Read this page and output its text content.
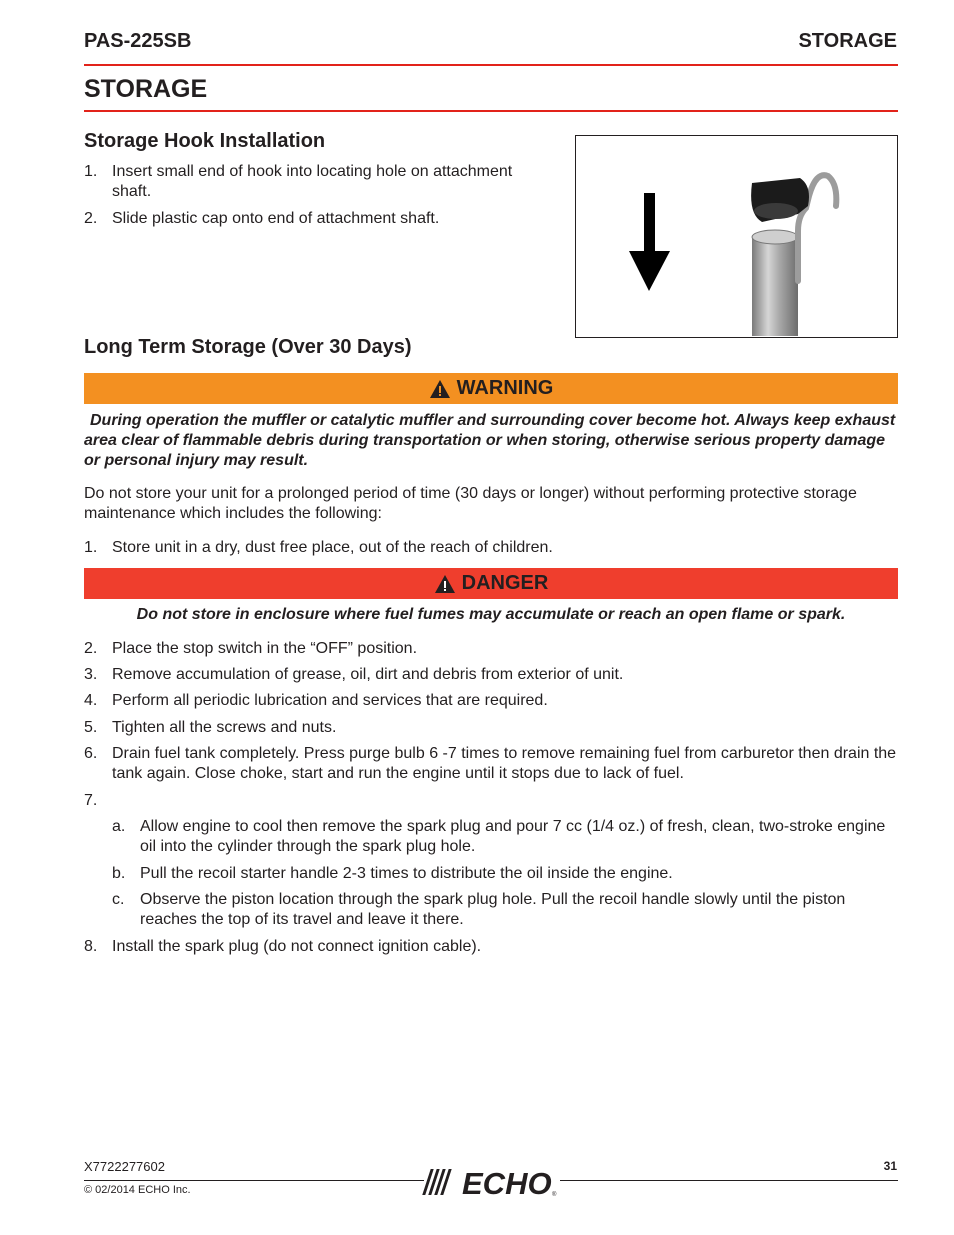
PAS-225SB	STORAGE
STORAGE
Storage Hook Installation
1. Insert small end of hook into locating hole on attachment shaft.
2. Slide plastic cap onto end of attachment shaft.
Long Term Storage (Over 30 Days)
WARNING
During operation the muffler or catalytic muffler and surrounding cover become hot. Always keep exhaust area clear of flammable debris during transportation or when storing, otherwise serious property damage or personal injury may result.
Do not store your unit for a prolonged period of time (30 days or longer) without performing protective storage maintenance which includes the following:
1. Store unit in a dry, dust free place, out of the reach of children.
DANGER
Do not store in enclosure where fuel fumes may accumulate or reach an open flame or spark.
2. Place the stop switch in the “OFF” position.
3. Remove accumulation of grease, oil, dirt and debris from exterior of unit.
4. Perform all periodic lubrication and services that are required.
5. Tighten all the screws and nuts.
6. Drain fuel tank completely. Press purge bulb 6 -7 times to remove remaining fuel from carburetor then drain the tank again. Close choke, start and run the engine until it stops due to lack of fuel.
7.
a. Allow engine to cool then remove the spark plug and pour 7 cc (1/4 oz.) of fresh, clean, two-stroke engine oil into the cylinder through the spark plug hole.
b. Pull the recoil starter handle 2-3 times to distribute the oil inside the engine.
c. Observe the piston location through the spark plug hole. Pull the recoil handle slowly until the piston reaches the top of its travel and leave it there.
8. Install the spark plug (do not connect ignition cable).
X7722277602	31
© 02/2014 ECHO Inc.	ECHO ®
